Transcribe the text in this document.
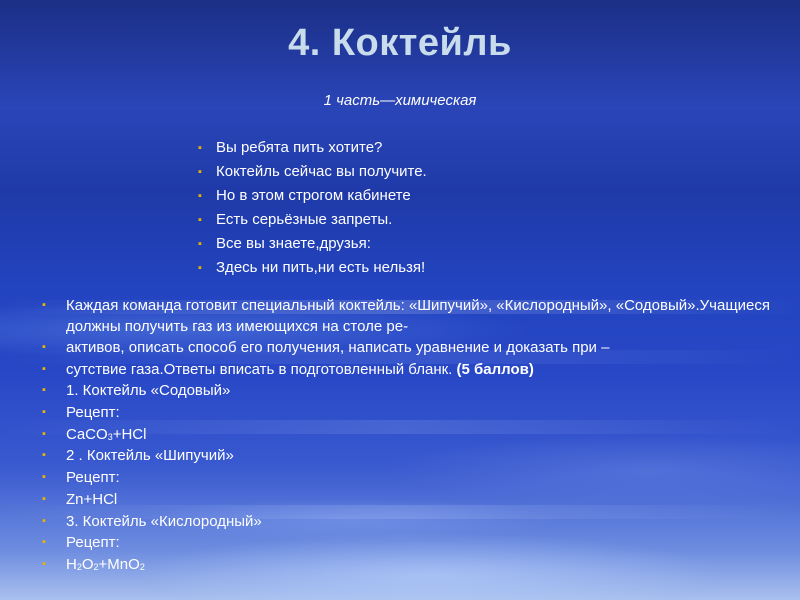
4. Коктейль
1 часть—химическая
▪ Вы ребята пить хотите?
▪ Коктейль сейчас вы получите.
▪ Но в этом строгом кабинете
▪ Есть серьёзные запреты.
▪ Все вы знаете,друзья:
▪ Здесь ни пить,ни есть нельзя!
▪ Каждая команда готовит специальный коктейль: «Шипучий», «Кислородный», «Содовый».Учащиеся должны получить газ из имеющихся на столе ре-
▪ активов, описать способ его получения, написать уравнение и доказать при –
▪ сутствие газа.Ответы вписать в подготовленный бланк. (5 баллов)
▪ 1. Коктейль «Содовый»
▪ Рецепт:
▪ CaCO$_3$+HCl
▪ 2 . Коктейль «Шипучий»
▪ Рецепт:
▪ Zn+HCl
▪ 3. Коктейль «Кислородный»
▪ Рецепт:
▪ $H_2O_2+MnO_2$
